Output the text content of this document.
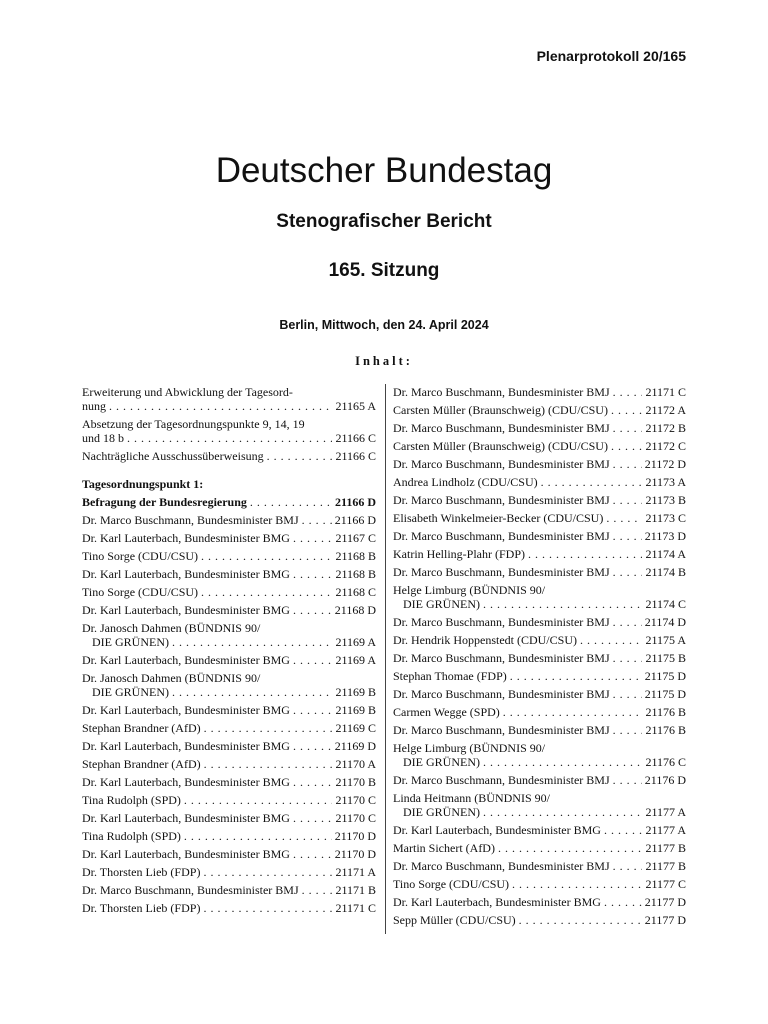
Plenarprotokoll 20/165
Deutscher Bundestag
Stenografischer Bericht
165. Sitzung
Berlin, Mittwoch, den 24. April 2024
Inhalt:
Erweiterung und Abwicklung der Tagesord-
nung . . .	21165 A
Absetzung der Tagesordnungspunkte 9, 14, 19
und 18 b . . .	21166 C
Nachträgliche Ausschussüberweisung . . .	21166 C
Tagesordnungspunkt 1:
Befragung der Bundesregierung . . .	21166 D
Dr. Marco Buschmann, Bundesminister BMJ . . .	21166 D
Dr. Karl Lauterbach, Bundesminister BMG . . .	21167 C
Tino Sorge (CDU/CSU) . . .	21168 B
Dr. Karl Lauterbach, Bundesminister BMG . . .	21168 B
Tino Sorge (CDU/CSU) . . .	21168 C
Dr. Karl Lauterbach, Bundesminister BMG . . .	21168 D
Dr. Janosch Dahmen (BÜNDNIS 90/
DIE GRÜNEN) . . .	21169 A
Dr. Karl Lauterbach, Bundesminister BMG . . .	21169 A
Dr. Janosch Dahmen (BÜNDNIS 90/
DIE GRÜNEN) . . .	21169 B
Dr. Karl Lauterbach, Bundesminister BMG . . .	21169 B
Stephan Brandner (AfD) . . .	21169 C
Dr. Karl Lauterbach, Bundesminister BMG . . .	21169 D
Stephan Brandner (AfD) . . .	21170 A
Dr. Karl Lauterbach, Bundesminister BMG . . .	21170 B
Tina Rudolph (SPD) . . .	21170 C
Dr. Karl Lauterbach, Bundesminister BMG . . .	21170 C
Tina Rudolph (SPD) . . .	21170 D
Dr. Karl Lauterbach, Bundesminister BMG . . .	21170 D
Dr. Thorsten Lieb (FDP) . . .	21171 A
Dr. Marco Buschmann, Bundesminister BMJ . . .	21171 B
Dr. Thorsten Lieb (FDP) . . .	21171 C
Dr. Marco Buschmann, Bundesminister BMJ . . .	21171 C
Carsten Müller (Braunschweig) (CDU/CSU) . . .	21172 A
Dr. Marco Buschmann, Bundesminister BMJ . . .	21172 B
Carsten Müller (Braunschweig) (CDU/CSU) . . .	21172 C
Dr. Marco Buschmann, Bundesminister BMJ . . .	21172 D
Andrea Lindholz (CDU/CSU) . . .	21173 A
Dr. Marco Buschmann, Bundesminister BMJ . . .	21173 B
Elisabeth Winkelmeier-Becker (CDU/CSU) . . .	21173 C
Dr. Marco Buschmann, Bundesminister BMJ . . .	21173 D
Katrin Helling-Plahr (FDP) . . .	21174 A
Dr. Marco Buschmann, Bundesminister BMJ . . .	21174 B
Helge Limburg (BÜNDNIS 90/
DIE GRÜNEN) . . .	21174 C
Dr. Marco Buschmann, Bundesminister BMJ . . .	21174 D
Dr. Hendrik Hoppenstedt (CDU/CSU) . . .	21175 A
Dr. Marco Buschmann, Bundesminister BMJ . . .	21175 B
Stephan Thomae (FDP) . . .	21175 D
Dr. Marco Buschmann, Bundesminister BMJ . . .	21175 D
Carmen Wegge (SPD) . . .	21176 B
Dr. Marco Buschmann, Bundesminister BMJ . . .	21176 B
Helge Limburg (BÜNDNIS 90/
DIE GRÜNEN) . . .	21176 C
Dr. Marco Buschmann, Bundesminister BMJ . . .	21176 D
Linda Heitmann (BÜNDNIS 90/
DIE GRÜNEN) . . .	21177 A
Dr. Karl Lauterbach, Bundesminister BMG . . .	21177 A
Martin Sichert (AfD) . . .	21177 B
Dr. Marco Buschmann, Bundesminister BMJ . . .	21177 B
Tino Sorge (CDU/CSU) . . .	21177 C
Dr. Karl Lauterbach, Bundesminister BMG . . .	21177 D
Sepp Müller (CDU/CSU) . . .	21177 D
